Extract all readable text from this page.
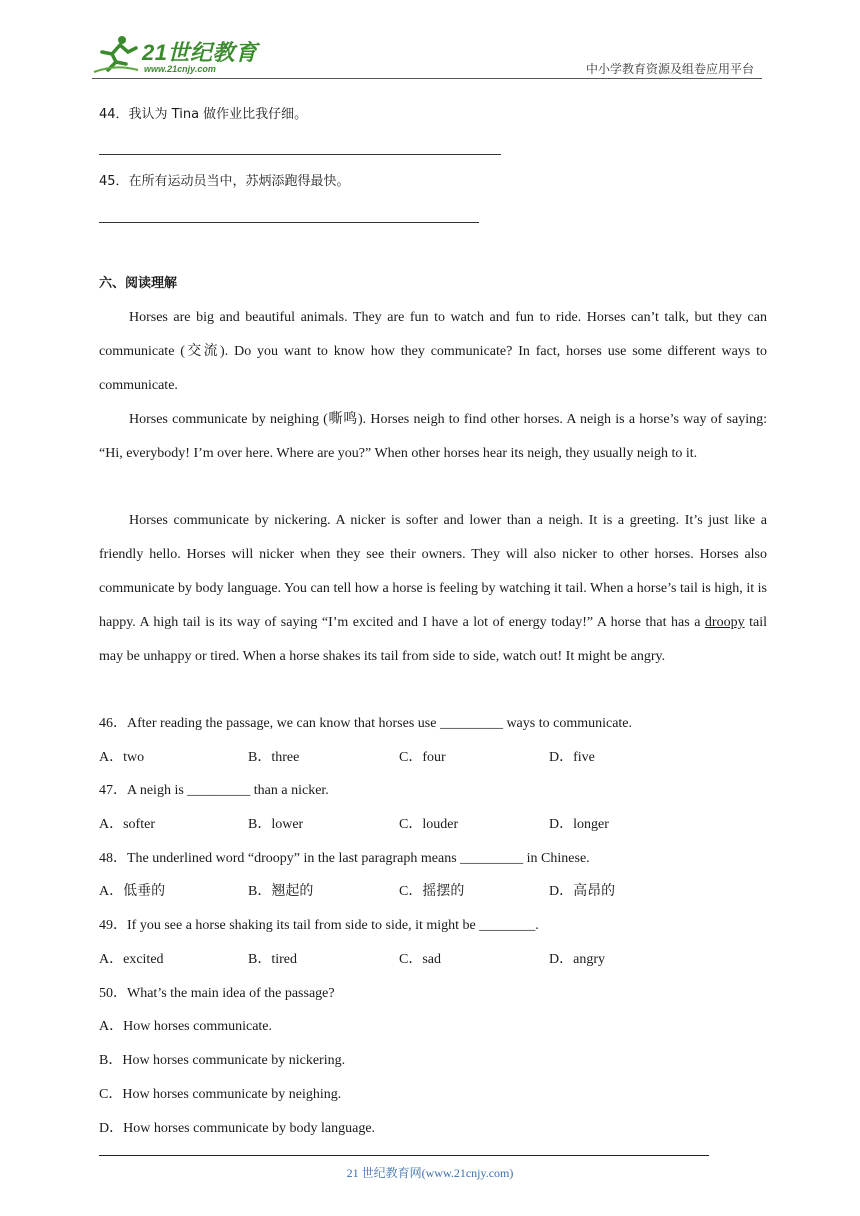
21世纪教育
www.21cnjy.com	中小学教育资源及组卷应用平台
44．我认为 Tina 做作业比我仔细。
45．在所有运动员当中，苏炳添跑得最快。
六、阅读理解
Horses are big and beautiful animals. They are fun to watch and fun to ride. Horses can’t talk, but they can communicate (交流). Do you want to know how they communicate? In fact, horses use some different ways to communicate.
Horses communicate by neighing (嘶鸣). Horses neigh to find other horses. A neigh is a horse’s way of saying: “Hi, everybody! I’m over here. Where are you?” When other horses hear its neigh, they usually neigh to it.
Horses communicate by nickering. A nicker is softer and lower than a neigh. It is a greeting. It’s just like a friendly hello. Horses will nicker when they see their owners. They will also nicker to other horses. Horses also communicate by body language. You can tell how a horse is feeling by watching it tail. When a horse’s tail is high, it is happy. A high tail is its way of saying “I’m excited and I have a lot of energy today!” A horse that has a droopy tail may be unhappy or tired. When a horse shakes its tail from side to side, watch out! It might be angry.
46．After reading the passage, we can know that horses use _________ ways to communicate.
A．two	B．three	C．four	D．five
47．A neigh is _________ than a nicker.
A．softer	B．lower	C．louder	D．longer
48．The underlined word “droopy” in the last paragraph means _________ in Chinese.
A．低垂的	B．翘起的	C．摇摆的	D．高昂的
49．If you see a horse shaking its tail from side to side, it might be ________.
A．excited	B．tired	C．sad	D．angry
50．What’s the main idea of the passage?
A．How horses communicate.
B．How horses communicate by nickering.
C．How horses communicate by neighing.
D．How horses communicate by body language.
21 世纪教育网(www.21cnjy.com)
